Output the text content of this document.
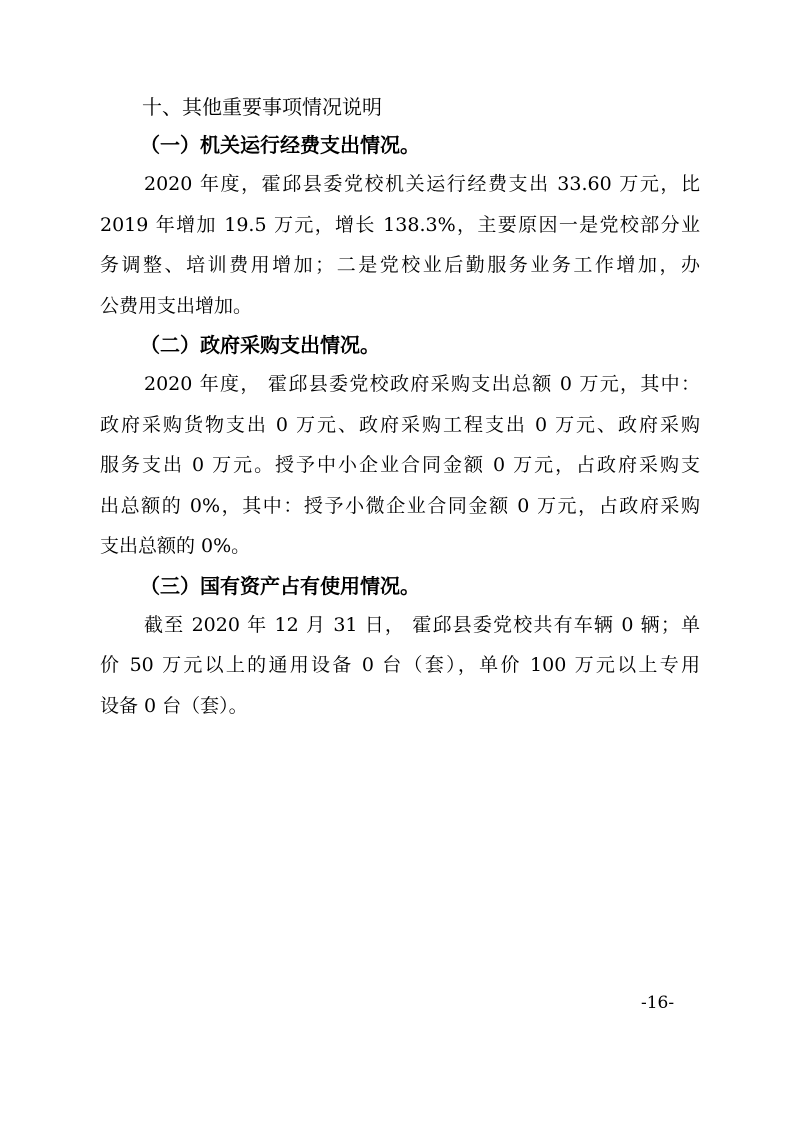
十、其他重要事项情况说明
（一）机关运行经费支出情况。
2020 年度，霍邱县委党校机关运行经费支出 33.60 万元，比
2019 年增加 19.5 万元，增长 138.3%，主要原因一是党校部分业
务调整、培训费用增加；二是党校业后勤服务业务工作增加，办
公费用支出增加。
（二）政府采购支出情况。
2020 年度， 霍邱县委党校政府采购支出总额 0 万元，其中：
政府采购货物支出 0 万元、政府采购工程支出 0 万元、政府采购
服务支出 0 万元。授予中小企业合同金额 0 万元，占政府采购支
出总额的 0%，其中：授予小微企业合同金额 0 万元，占政府采购
支出总额的 0%。
（三）国有资产占有使用情况。
截至 2020 年 12 月 31 日， 霍邱县委党校共有车辆 0 辆；单
价 50 万元以上的通用设备 0 台（套），单价 100 万元以上专用
设备 0 台（套）。
-16-
